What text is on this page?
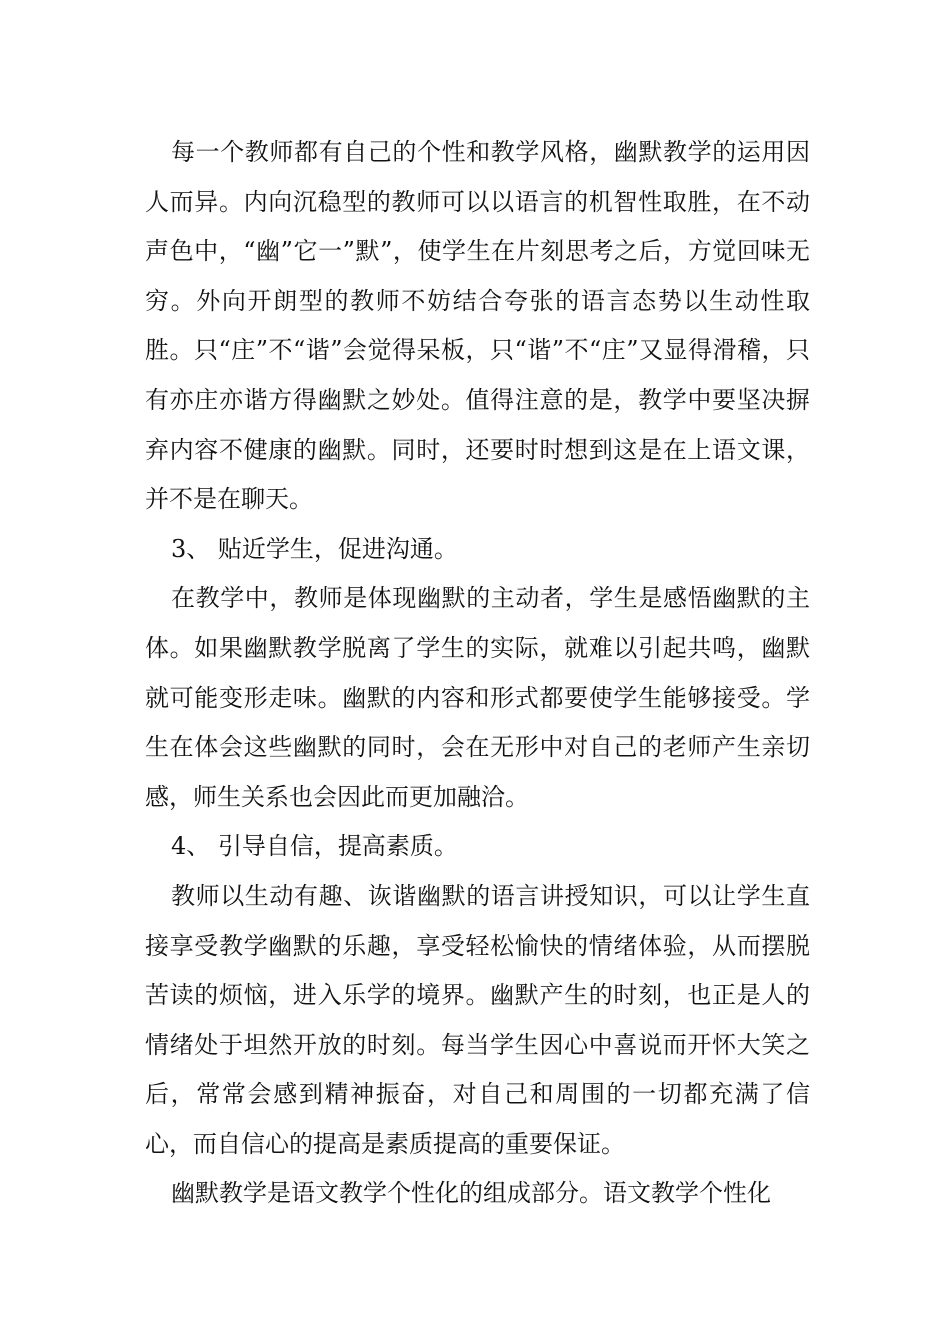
每一个教师都有自己的个性和教学风格，幽默教学的运用因人而异。内向沉稳型的教师可以以语言的机智性取胜，在不动声色中，“幽”它一”默”，使学生在片刻思考之后，方觉回味无穷。外向开朗型的教师不妨结合夸张的语言态势以生动性取胜。只“庄”不“谐”会觉得呆板，只“谐”不“庄”又显得滑稽，只有亦庄亦谐方得幽默之妙处。值得注意的是，教学中要坚决摒弃内容不健康的幽默。同时，还要时时想到这是在上语文课，并不是在聊天。

3、 贴近学生，促进沟通。

在教学中，教师是体现幽默的主动者，学生是感悟幽默的主体。如果幽默教学脱离了学生的实际，就难以引起共鸣，幽默就可能变形走味。幽默的内容和形式都要使学生能够接受。学生在体会这些幽默的同时，会在无形中对自己的老师产生亲切感，师生关系也会因此而更加融洽。

4、 引导自信，提高素质。

教师以生动有趣、诙谐幽默的语言讲授知识，可以让学生直接享受教学幽默的乐趣，享受轻松愉快的情绪体验，从而摆脱苦读的烦恼，进入乐学的境界。幽默产生的时刻，也正是人的情绪处于坦然开放的时刻。每当学生因心中喜说而开怀大笑之后，常常会感到精神振奋，对自己和周围的一切都充满了信心，而自信心的提高是素质提高的重要保证。

幽默教学是语文教学个性化的组成部分。语文教学个性化
